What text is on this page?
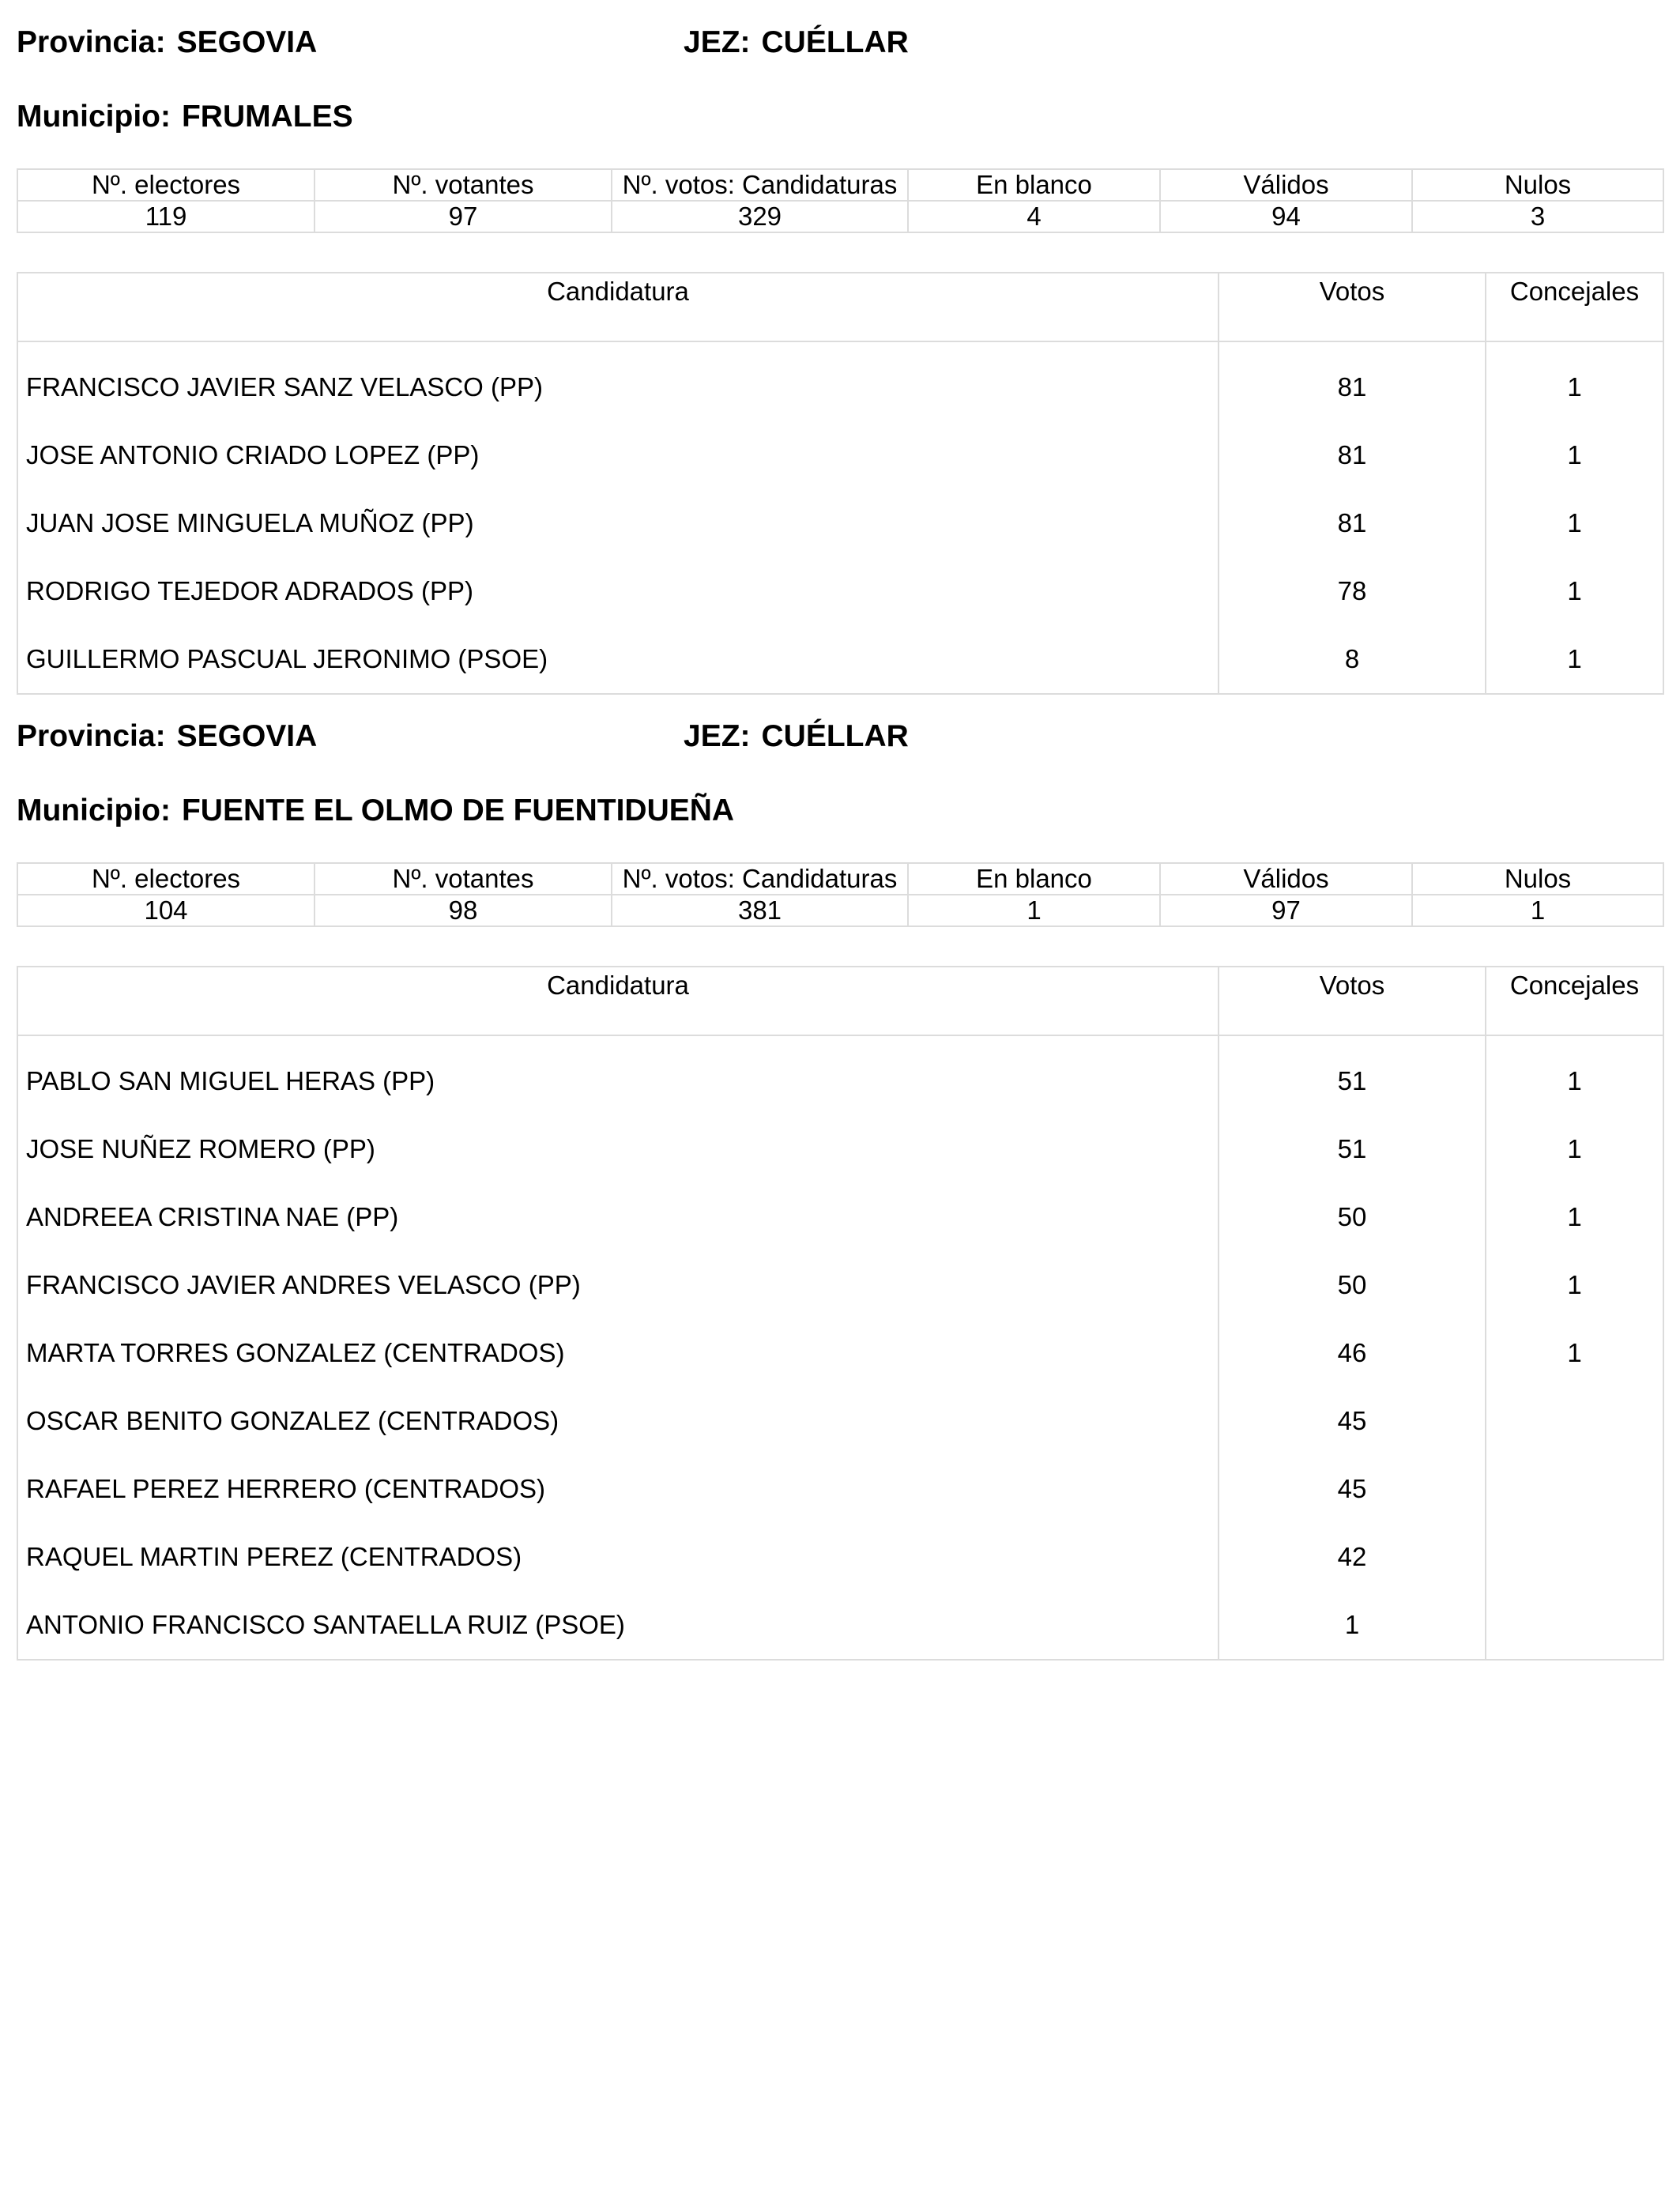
Provincia: SEGOVIA	JEZ: CUÉLLAR
Municipio: FRUMALES
Nº. electores	Nº. votantes	Nº. votos: Candidaturas	En blanco	Válidos	Nulos
119	97	329	4	94	3
Candidatura	Votos	Concejales
FRANCISCO JAVIER SANZ VELASCO (PP)	81	1
JOSE ANTONIO CRIADO LOPEZ (PP)	81	1
JUAN JOSE MINGUELA MUÑOZ (PP)	81	1
RODRIGO TEJEDOR ADRADOS (PP)	78	1
GUILLERMO PASCUAL JERONIMO (PSOE)	8	1
Provincia: SEGOVIA	JEZ: CUÉLLAR
Municipio: FUENTE EL OLMO DE FUENTIDUEÑA
Nº. electores	Nº. votantes	Nº. votos: Candidaturas	En blanco	Válidos	Nulos
104	98	381	1	97	1
Candidatura	Votos	Concejales
PABLO SAN MIGUEL HERAS (PP)	51	1
JOSE NUÑEZ ROMERO (PP)	51	1
ANDREEA CRISTINA NAE (PP)	50	1
FRANCISCO JAVIER ANDRES VELASCO (PP)	50	1
MARTA TORRES GONZALEZ (CENTRADOS)	46	1
OSCAR BENITO GONZALEZ (CENTRADOS)	45	
RAFAEL PEREZ HERRERO (CENTRADOS)	45	
RAQUEL MARTIN PEREZ (CENTRADOS)	42	
ANTONIO FRANCISCO SANTAELLA RUIZ (PSOE)	1	
